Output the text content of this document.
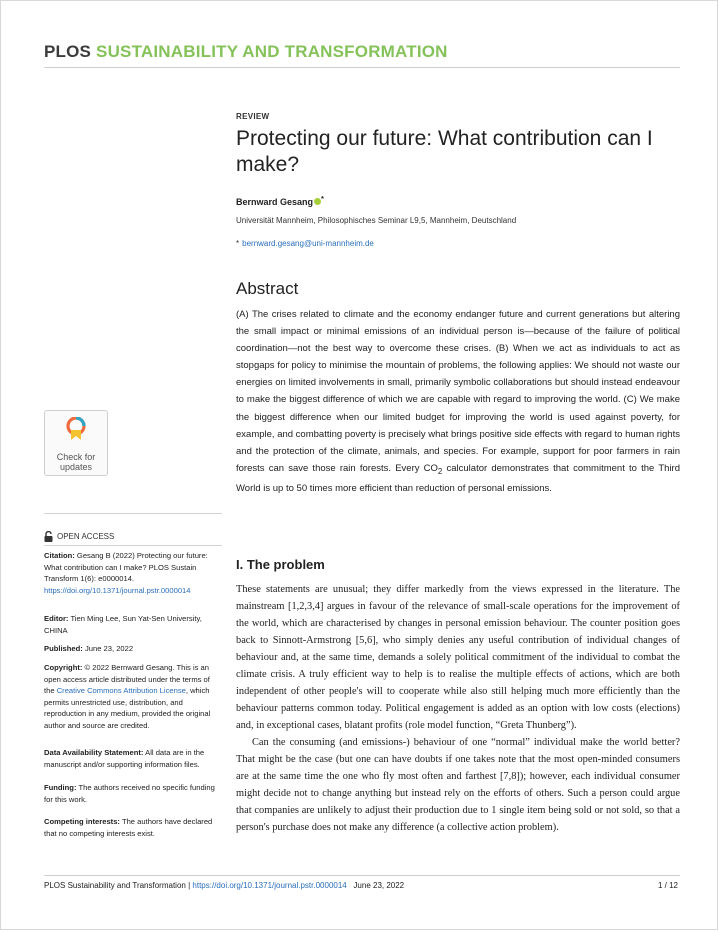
PLOS SUSTAINABILITY AND TRANSFORMATION
REVIEW
Protecting our future: What contribution can I make?
Bernward Gesang *
Universität Mannheim, Philosophisches Seminar L9,5, Mannheim, Deutschland
* bernward.gesang@uni-mannheim.de
Abstract

(A) The crises related to climate and the economy endanger future and current generations but altering the small impact or minimal emissions of an individual person is—because of the failure of political coordination—not the best way to overcome these crises. (B) When we act as individuals to act as stopgaps for policy to minimise the mountain of problems, the following applies: We should not waste our energies on limited involvements in small, primarily symbolic collaborations but should instead endeavour to make the biggest difference of which we are capable with regard to improving the world. (C) We make the biggest difference when our limited budget for improving the world is used against poverty, for example, and combatting poverty is precisely what brings positive side effects with regard to human rights and the protection of the climate, animals, and species. For example, support for poor farmers in rain forests can save those rain forests. Every $CO_2$ calculator demonstrates that commitment to the Third World is up to 50 times more efficient than reduction of personal emissions.

I. The problem

These statements are unusual; they differ markedly from the views expressed in the literature. The mainstream [1,2,3,4] argues in favour of the relevance of small-scale operations for the improvement of the world, which are characterised by changes in personal emission behaviour. The counter position goes back to Sinnott-Armstrong [5,6], who simply denies any useful contribution of individual changes of behaviour and, at the same time, demands a solely political commitment of the individual to combat the climate crisis. A truly efficient way to help is to realise the multiple effects of actions, which are both independent of other people's will to cooperate while also still helping much more efficiently than the behaviour patterns common today. Political engagement is added as an option with low costs (elections) and, in exceptional cases, blatant profits (role model function, “Greta Thunberg”).

Can the consuming (and emissions-) behaviour of one “normal” individual make the world better? That might be the case (but one can have doubts if one takes note that the most open-minded consumers are at the same time the one who fly most often and farthest [7,8]); however, each individual consumer might decide not to change anything but instead rely on the efforts of others. Such a person could argue that companies are unlikely to adjust their production due to 1 single item being sold or not sold, so that a person's purchase does not make any difference (a collective action problem).

Check for
updates
OPEN ACCESS

Citation: Gesang B (2022) Protecting our future: What contribution can I make? PLOS Sustain Transform 1(6): e0000014. https://doi.org/10.1371/journal.pstr.0000014

Editor: Tien Ming Lee, Sun Yat-Sen University, CHINA

Published: June 23, 2022

Copyright: © 2022 Bernward Gesang. This is an open access article distributed under the terms of the Creative Commons Attribution License, which permits unrestricted use, distribution, and reproduction in any medium, provided the original author and source are credited.

Data Availability Statement: All data are in the manuscript and/or supporting information files.

Funding: The authors received no specific funding for this work.

Competing interests: The authors have declared that no competing interests exist.

PLOS Sustainability and Transformation | https://doi.org/10.1371/journal.pstr.0000014 June 23, 2022	1 / 12
